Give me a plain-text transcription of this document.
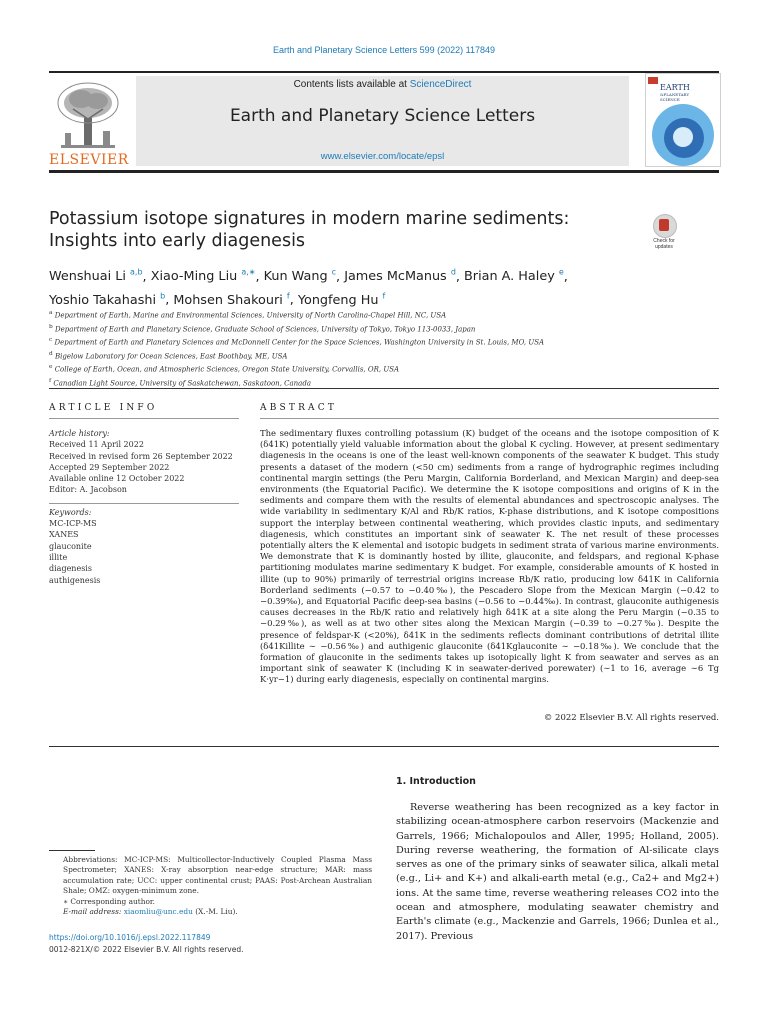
Earth and Planetary Science Letters 599 (2022) 117849
ELSEVIER
Contents lists available at ScienceDirect
Earth and Planetary Science Letters
www.elsevier.com/locate/epsl
EARTH
&PLANETARY
SCIENCE
Potassium isotope signatures in modern marine sediments:
Insights into early diagenesis	Check for updates
Wenshuai Li $^{a,b}$, Xiao-Ming Liu $^{a,∗}$, Kun Wang $^c$, James McManus $^d$, Brian A. Haley $^e$,
Yoshio Takahashi $^b$, Mohsen Shakouri $^f$, Yongfeng Hu $^f$
$^a$ Department of Earth, Marine and Environmental Sciences, University of North Carolina-Chapel Hill, NC, USA
$^b$ Department of Earth and Planetary Science, Graduate School of Sciences, University of Tokyo, Tokyo 113-0033, Japan
$^c$ Department of Earth and Planetary Sciences and McDonnell Center for the Space Sciences, Washington University in St. Louis, MO, USA
$^d$ Bigelow Laboratory for Ocean Sciences, East Boothbay, ME, USA
$^e$ College of Earth, Ocean, and Atmospheric Sciences, Oregon State University, Corvallis, OR, USA
$^f$ Canadian Light Source, University of Saskatchewan, Saskatoon, Canada
ARTICLE INFO	ABSTRACT
Article history:
Received 11 April 2022
Received in revised form 26 September 2022
Accepted 29 September 2022
Available online 12 October 2022
Editor: A. Jacobson
Keywords:
MC-ICP-MS
XANES
glauconite
illite
diagenesis
authigenesis

The sedimentary fluxes controlling potassium (K) budget of the oceans and the isotope composition of K (δ41K) potentially yield valuable information about the global K cycling. However, at present sedimentary diagenesis in the oceans is one of the least well-known components of the seawater K budget. This study presents a dataset of the modern (<50 cm) sediments from a range of hydrographic regimes including continental margin settings (the Peru Margin, California Borderland, and Mexican Margin) and deep-sea environments (the Equatorial Pacific). We determine the K isotope compositions and origins of K in the sediments and compare them with the results of elemental abundances and spectroscopic analyses. The wide variability in sedimentary K/Al and Rb/K ratios, K-phase distributions, and K isotope compositions support the interplay between continental weathering, which provides clastic inputs, and sedimentary diagenesis, which constitutes an important sink of seawater K. The net result of these processes potentially alters the K elemental and isotopic budgets in sediment strata of various marine environments. We demonstrate that K is dominantly hosted by illite, glauconite, and feldspars, and regional K-phase partitioning modulates marine sedimentary K budget. For example, considerable amounts of K hosted in illite (up to 90%) primarily of terrestrial origins increase Rb/K ratio, producing low δ41K in California Borderland sediments (−0.57 to −0.40‰), the Pescadero Slope from the Mexican Margin (−0.42 to −0.39‰), and Equatorial Pacific deep-sea basins (−0.56 to −0.44‰). In contrast, glauconite authigenesis causes decreases in the Rb/K ratio and relatively high δ41K at a site along the Peru Margin (−0.35 to −0.29‰), as well as at two other sites along the Mexican Margin (−0.39 to −0.27‰). Despite the presence of feldspar-K (<20%), δ41K in the sediments reflects dominant contributions of detrital illite (δ41Killite ∼ −0.56‰) and authigenic glauconite (δ41Kglauconite ∼ −0.18‰). We conclude that the formation of glauconite in the sediments takes up isotopically light K from seawater and serves as an important sink of seawater K (including K in seawater-derived porewater) (∼1 to 16, average ∼6 Tg K·yr−1) during early diagenesis, especially on continental margins.

© 2022 Elsevier B.V. All rights reserved.
1. Introduction

Reverse weathering has been recognized as a key factor in stabilizing ocean-atmosphere carbon reservoirs (Mackenzie and Garrels, 1966; Michalopoulos and Aller, 1995; Holland, 2005). During reverse weathering, the formation of Al-silicate clays serves as one of the primary sinks of seawater silica, alkali metal (e.g., Li+ and K+) and alkali-earth metal (e.g., Ca2+ and Mg2+) ions. At the same time, reverse weathering releases CO2 into the ocean and atmosphere, modulating seawater chemistry and Earth's climate (e.g., Mackenzie and Garrels, 1966; Dunlea et al., 2017). Previous

Abbreviations: MC-ICP-MS: Multicollector-Inductively Coupled Plasma Mass Spectrometer; XANES: X-ray absorption near-edge structure; MAR: mass accumulation rate; UCC: upper continental crust; PAAS: Post-Archean Australian Shale; OMZ: oxygen-minimum zone.

∗ Corresponding author.

E-mail address: xiaomliu@unc.edu (X.-M. Liu).

https://doi.org/10.1016/j.epsl.2022.117849
0012-821X/© 2022 Elsevier B.V. All rights reserved.
